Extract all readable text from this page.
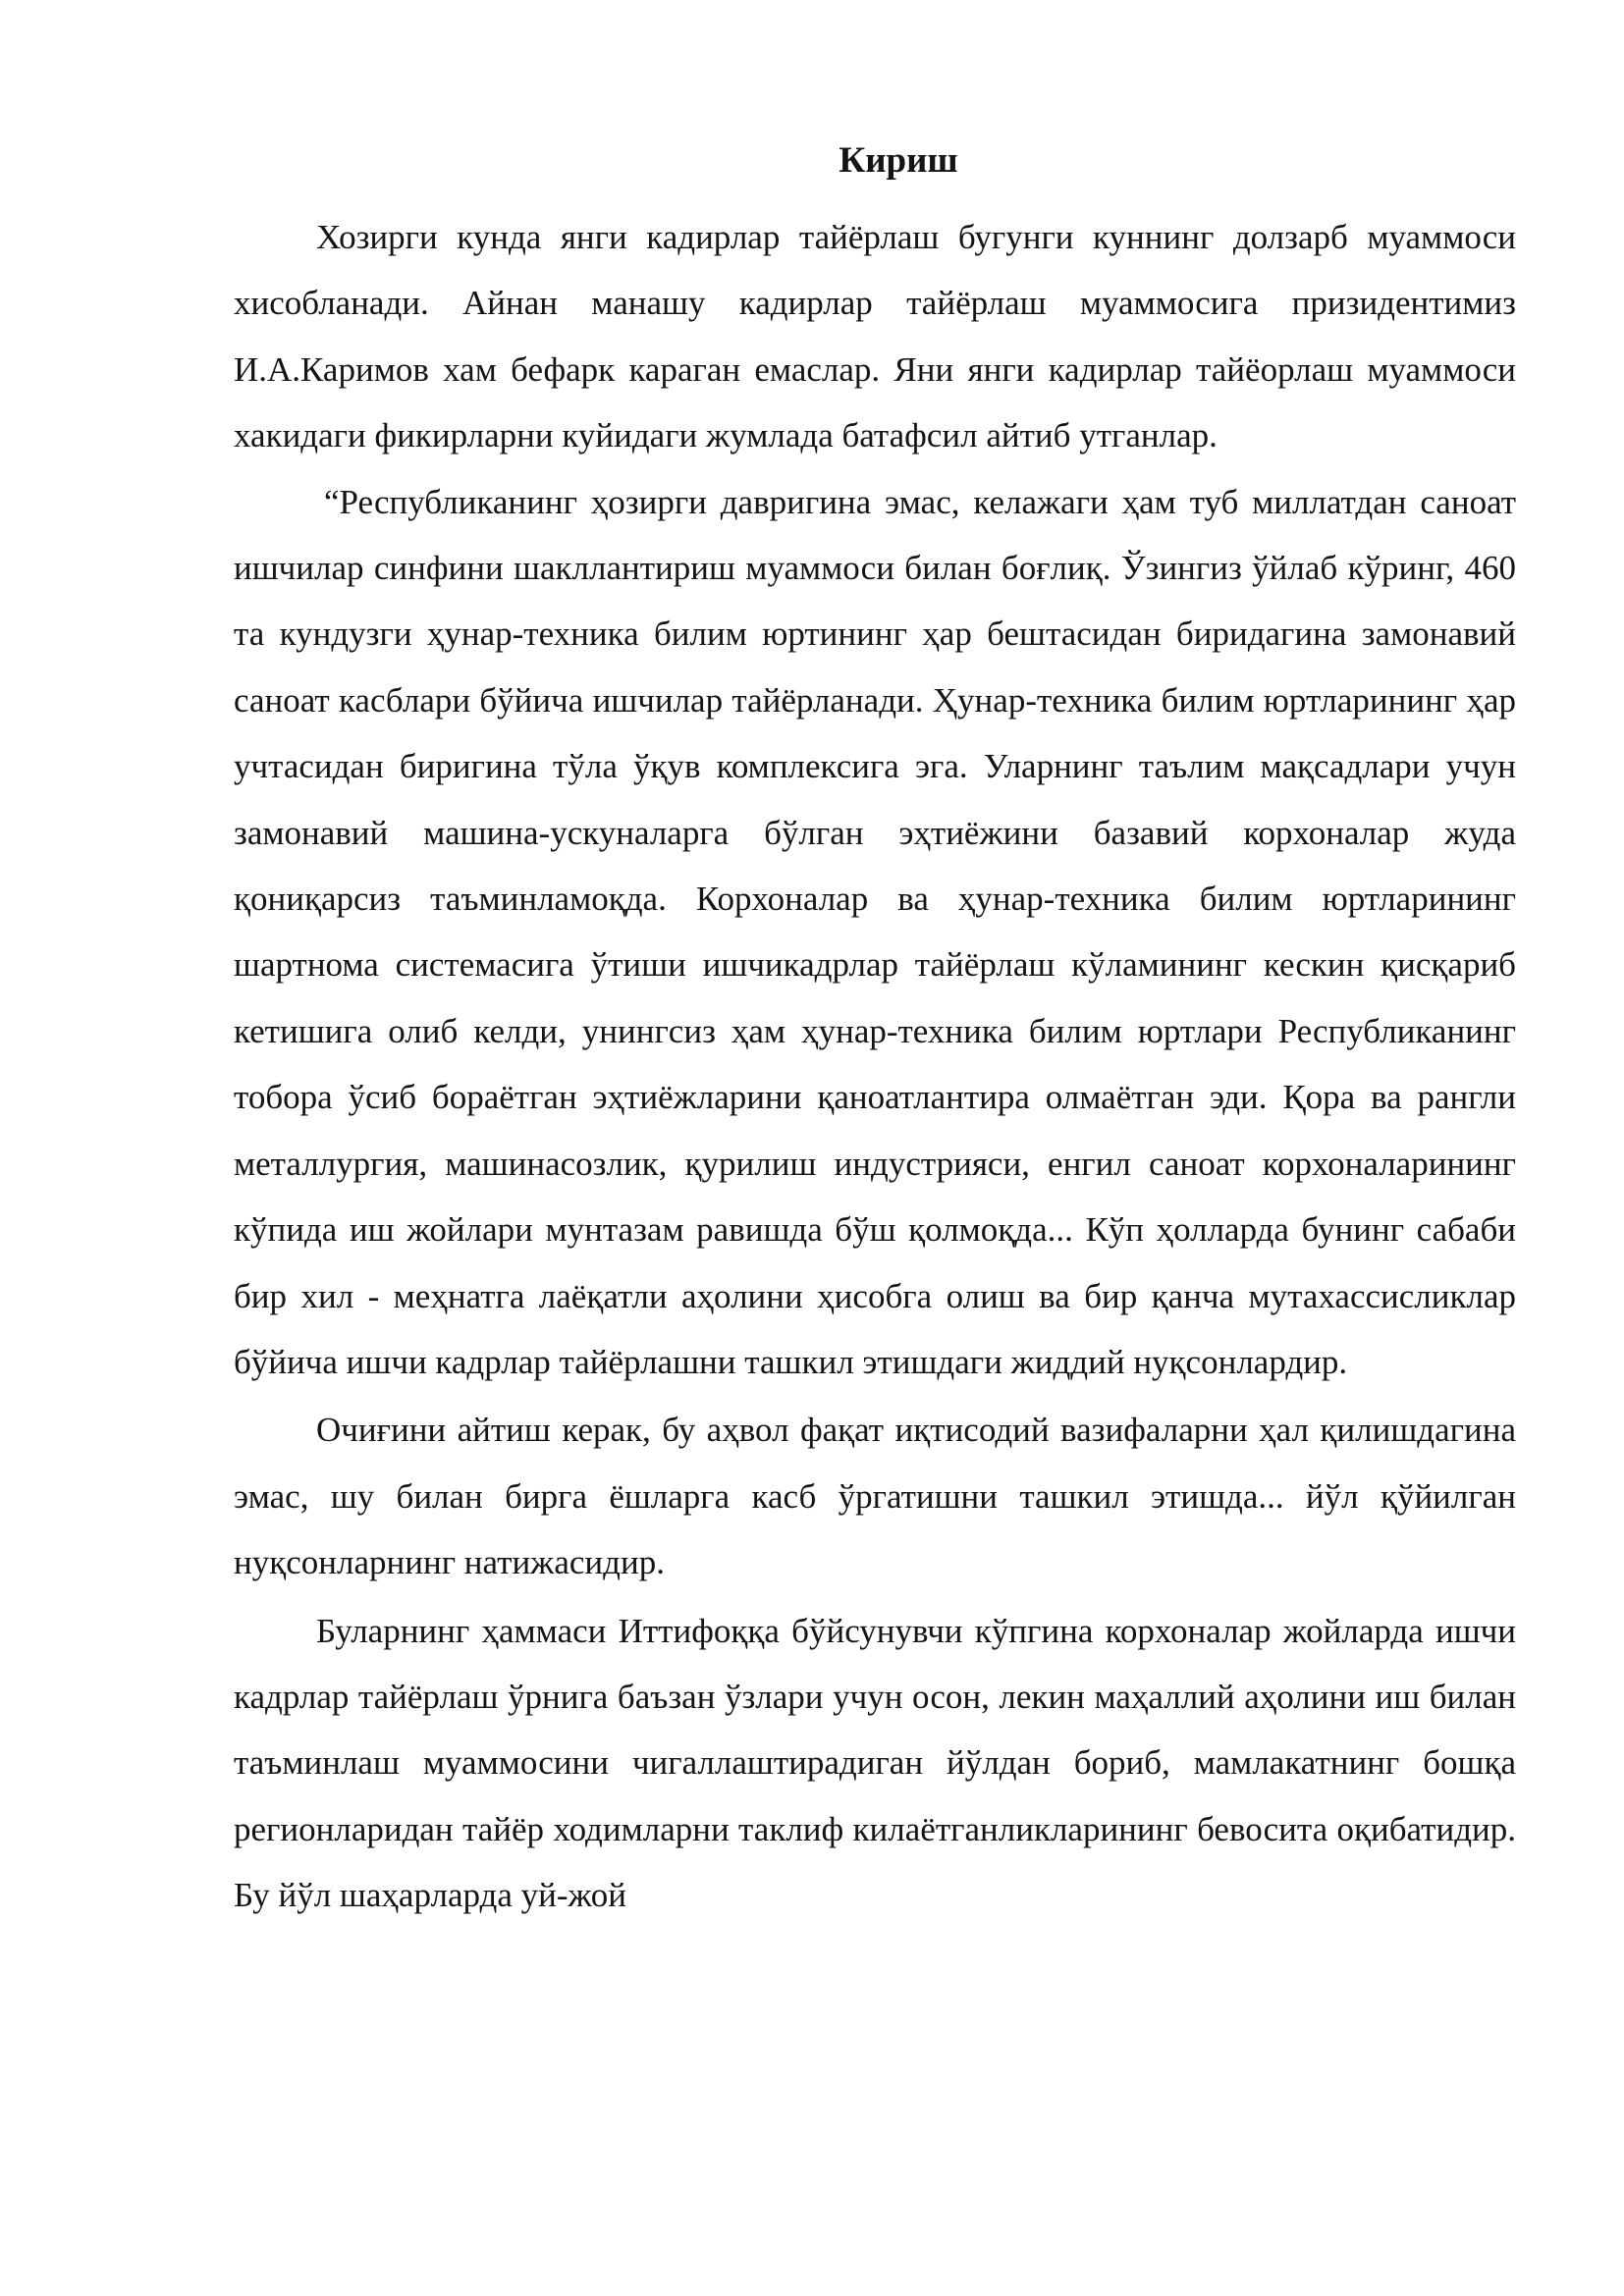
Кириш

Хозирги кунда янги кадирлар тайёрлаш бугунги куннинг долзарб муаммоси хисобланади. Айнан манашу кадирлар тайёрлаш муаммосига призидентимиз И.А.Каримов хам бефарк караган емаслар. Яни янги кадирлар тайёорлаш муаммоси хакидаги фикирларни куйидаги жумлада батафсил айтиб утганлар.

“Республиканинг ҳозирги давригина эмас, келажаги ҳам туб миллатдан саноат ишчилар синфини шакллантириш муаммоси билан боғлиқ. Ўзингиз ўйлаб кўринг, 460 та кундузги ҳунар-техника билим юртининг ҳар бештасидан биридагина замонавий саноат касблари бўйича ишчилар тайёрланади. Ҳунар-техника билим юртларининг ҳар учтасидан биригина тўла ўқув комплексига эга. Уларнинг таълим мақсадлари учун замонавий машина-ускуналарга бўлган эҳтиёжини базавий корхоналар жуда қониқарсиз таъминламоқда. Корхоналар ва ҳунар-техника билим юртларининг шартнома системасига ўтиши ишчикадрлар тайёрлаш кўламининг кескин қисқариб кетишига олиб келди, унингсиз ҳам ҳунар-техника билим юртлари Республиканинг тобора ўсиб бораётган эҳтиёжларини қаноатлантира олмаётган эди. Қора ва рангли металлургия, машинасозлик, қурилиш индустрияси, енгил саноат корхоналарининг кўпида иш жойлари мунтазам равишда бўш қолмоқда... Кўп ҳолларда бунинг сабаби бир хил - меҳнатга лаёқатли аҳолини ҳисобга олиш ва бир қанча мутахассисликлар бўйича ишчи кадрлар тайёрлашни ташкил этишдаги жиддий нуқсонлардир.

Очиғини айтиш керак, бу аҳвол фақат иқтисодий вазифаларни ҳал қилишдагина эмас, шу билан бирга ёшларга касб ўргатишни ташкил этишда... йўл қўйилган нуқсонларнинг натижасидир.

Буларнинг ҳаммаси Иттифоққа бўйсунувчи кўпгина корхоналар жойларда ишчи кадрлар тайёрлаш ўрнига баъзан ўзлари учун осон, лекин маҳаллий аҳолини иш билан таъминлаш муаммосини чигаллаштирадиган йўлдан бориб, мамлакатнинг бошқа регионларидан тайёр ходимларни таклиф килаётганликларининг бевосита оқибатидир. Бу йўл шаҳарларда уй-жой
